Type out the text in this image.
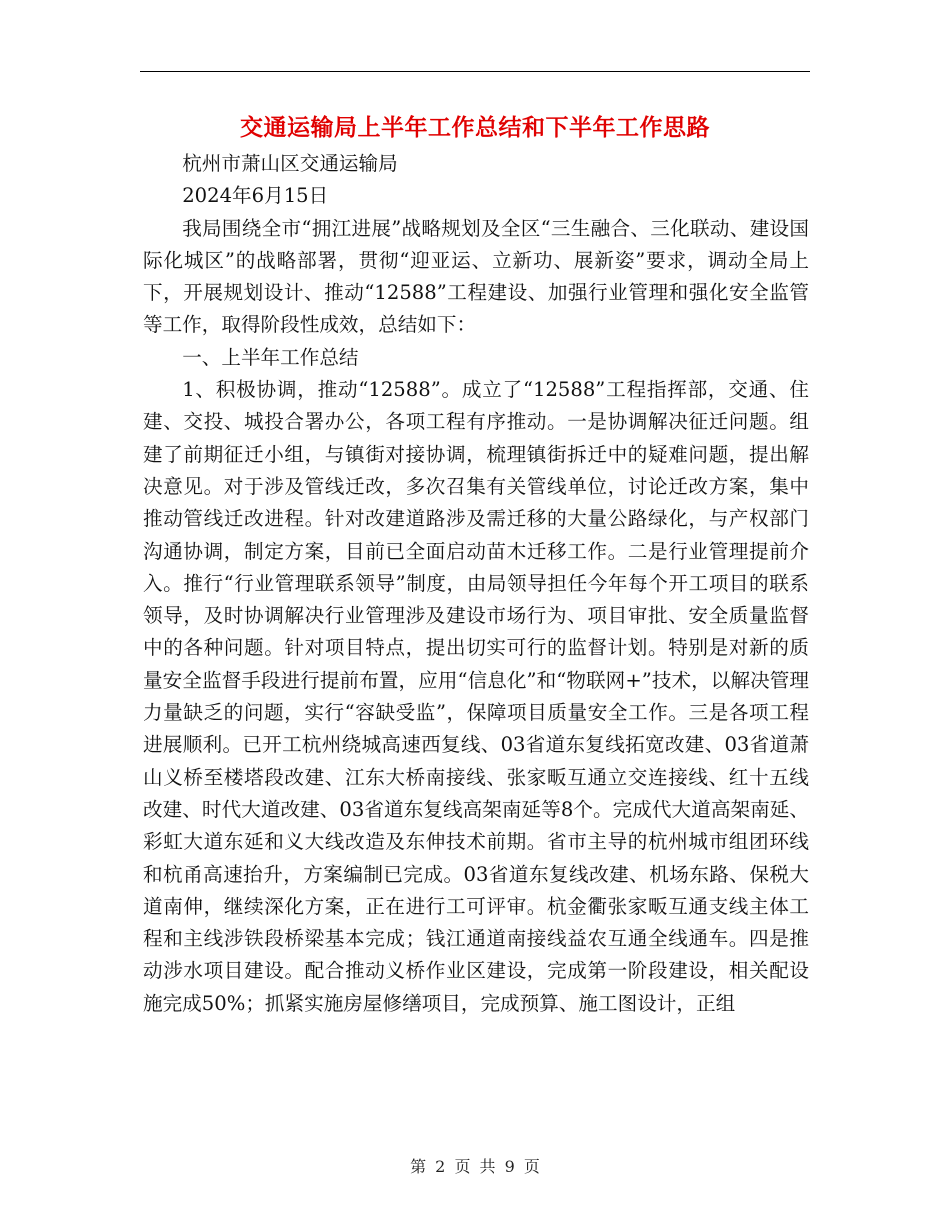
交通运输局上半年工作总结和下半年工作思路

杭州市萧山区交通运输局

2024年6月15日

我局围绕全市“拥江进展”战略规划及全区“三生融合、三化联动、建设国际化城区”的战略部署，贯彻“迎亚运、立新功、展新姿”要求，调动全局上下，开展规划设计、推动“12588”工程建设、加强行业管理和强化安全监管等工作，取得阶段性成效，总结如下：

一、上半年工作总结

1、积极协调，推动“12588”。成立了“12588”工程指挥部，交通、住建、交投、城投合署办公，各项工程有序推动。一是协调解决征迁问题。组建了前期征迁小组，与镇街对接协调，梳理镇街拆迁中的疑难问题，提出解决意见。对于涉及管线迁改，多次召集有关管线单位，讨论迁改方案，集中推动管线迁改进程。针对改建道路涉及需迁移的大量公路绿化，与产权部门沟通协调，制定方案，目前已全面启动苗木迁移工作。二是行业管理提前介入。推行“行业管理联系领导”制度，由局领导担任今年每个开工项目的联系领导，及时协调解决行业管理涉及建设市场行为、项目审批、安全质量监督中的各种问题。针对项目特点，提出切实可行的监督计划。特别是对新的质量安全监督手段进行提前布置，应用“信息化”和“物联网+”技术，以解决管理力量缺乏的问题，实行“容缺受监”，保障项目质量安全工作。三是各项工程进展顺利。已开工杭州绕城高速西复线、03省道东复线拓宽改建、03省道萧山义桥至楼塔段改建、江东大桥南接线、张家畈互通立交连接线、红十五线改建、时代大道改建、03省道东复线高架南延等8个。完成代大道高架南延、彩虹大道东延和义大线改造及东伸技术前期。省市主导的杭州城市组团环线和杭甬高速抬升，方案编制已完成。03省道东复线改建、机场东路、保税大道南伸，继续深化方案，正在进行工可评审。杭金衢张家畈互通支线主体工程和主线涉铁段桥梁基本完成；钱江通道南接线益农互通全线通车。四是推动涉水项目建设。配合推动义桥作业区建设，完成第一阶段建设，相关配设施完成50%；抓紧实施房屋修缮项目，完成预算、施工图设计，正组

第 2 页 共 9 页
